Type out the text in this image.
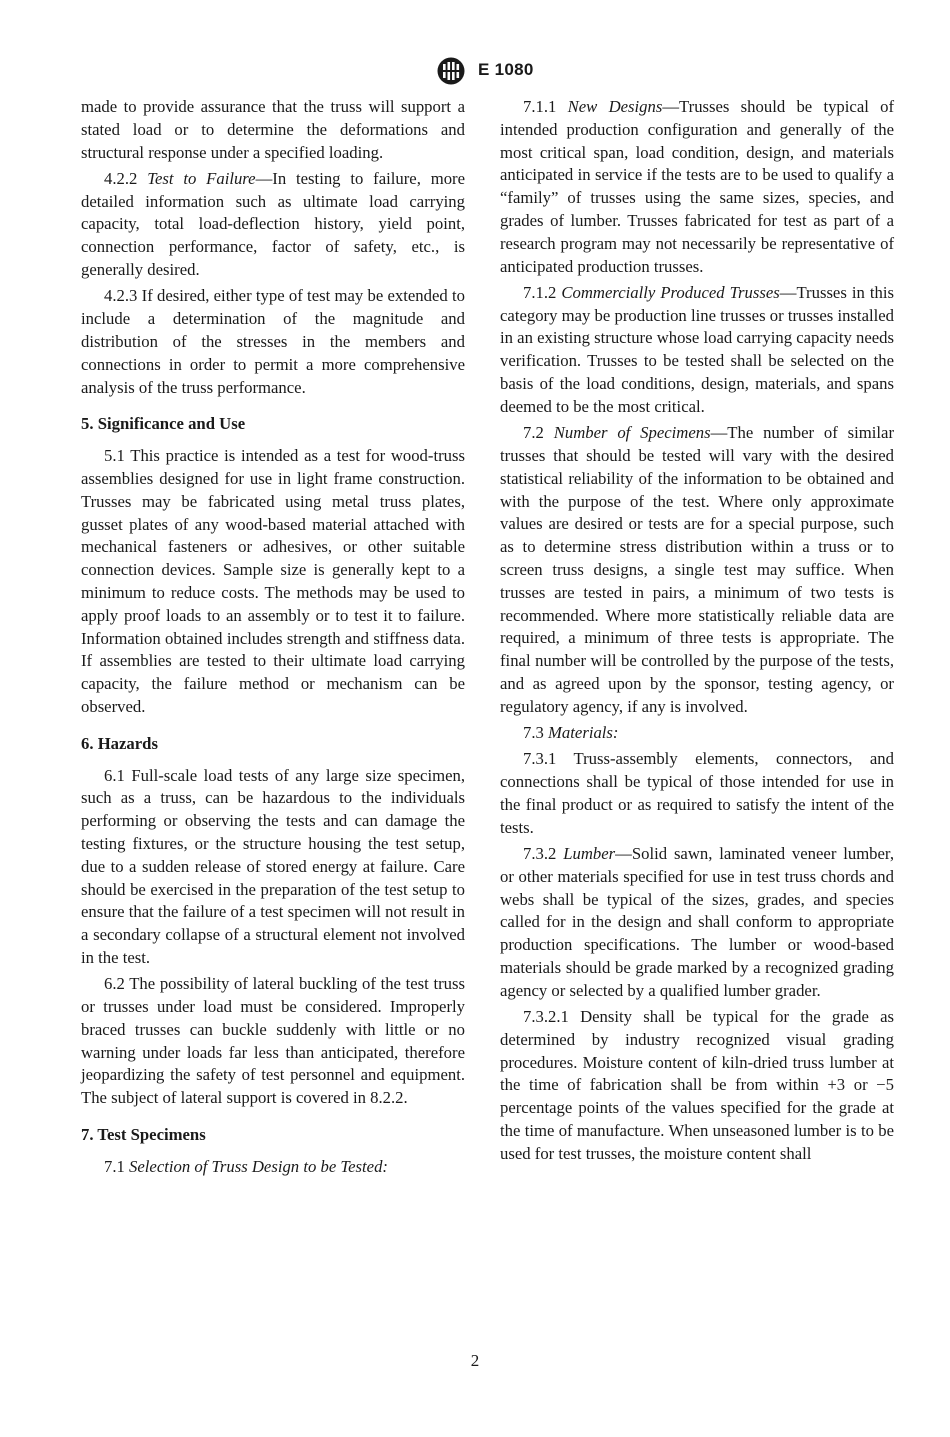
E 1080

made to provide assurance that the truss will support a stated load or to determine the deformations and structural response under a specified loading.

4.2.2 Test to Failure—In testing to failure, more detailed information such as ultimate load carrying capacity, total load-deflection history, yield point, connection performance, factor of safety, etc., is generally desired.

4.2.3 If desired, either type of test may be extended to include a determination of the magnitude and distribution of the stresses in the members and connections in order to permit a more comprehensive analysis of the truss performance.

5. Significance and Use

5.1 This practice is intended as a test for wood-truss assemblies designed for use in light frame construction. Trusses may be fabricated using metal truss plates, gusset plates of any wood-based material attached with mechanical fasteners or adhesives, or other suitable connection devices. Sample size is generally kept to a minimum to reduce costs. The methods may be used to apply proof loads to an assembly or to test it to failure. Information obtained includes strength and stiffness data. If assemblies are tested to their ultimate load carrying capacity, the failure method or mechanism can be observed.

6. Hazards

6.1 Full-scale load tests of any large size specimen, such as a truss, can be hazardous to the individuals performing or observing the tests and can damage the testing fixtures, or the structure housing the test setup, due to a sudden release of stored energy at failure. Care should be exercised in the preparation of the test setup to ensure that the failure of a test specimen will not result in a secondary collapse of a structural element not involved in the test.

6.2 The possibility of lateral buckling of the test truss or trusses under load must be considered. Improperly braced trusses can buckle suddenly with little or no warning under loads far less than anticipated, therefore jeopardizing the safety of test personnel and equipment. The subject of lateral support is covered in 8.2.2.

7. Test Specimens

7.1 Selection of Truss Design to be Tested:

7.1.1 New Designs—Trusses should be typical of intended production configuration and generally of the most critical span, load condition, design, and materials anticipated in service if the tests are to be used to qualify a “family” of trusses using the same sizes, species, and grades of lumber. Trusses fabricated for test as part of a research program may not necessarily be representative of anticipated production trusses.

7.1.2 Commercially Produced Trusses—Trusses in this category may be production line trusses or trusses installed in an existing structure whose load carrying capacity needs verification. Trusses to be tested shall be selected on the basis of the load conditions, design, materials, and spans deemed to be the most critical.

7.2 Number of Specimens—The number of similar trusses that should be tested will vary with the desired statistical reliability of the information to be obtained and with the purpose of the test. Where only approximate values are desired or tests are for a special purpose, such as to determine stress distribution within a truss or to screen truss designs, a single test may suffice. When trusses are tested in pairs, a minimum of two tests is recommended. Where more statistically reliable data are required, a minimum of three tests is appropriate. The final number will be controlled by the purpose of the tests, and as agreed upon by the sponsor, testing agency, or regulatory agency, if any is involved.

7.3 Materials:

7.3.1 Truss-assembly elements, connectors, and connections shall be typical of those intended for use in the final product or as required to satisfy the intent of the tests.

7.3.2 Lumber—Solid sawn, laminated veneer lumber, or other materials specified for use in test truss chords and webs shall be typical of the sizes, grades, and species called for in the design and shall conform to appropriate production specifications. The lumber or wood-based materials should be grade marked by a recognized grading agency or selected by a qualified lumber grader.

7.3.2.1 Density shall be typical for the grade as determined by industry recognized visual grading procedures. Moisture content of kiln-dried truss lumber at the time of fabrication shall be from within +3 or −5 percentage points of the values specified for the grade at the time of manufacture. When unseasoned lumber is to be used for test trusses, the moisture content shall

2
